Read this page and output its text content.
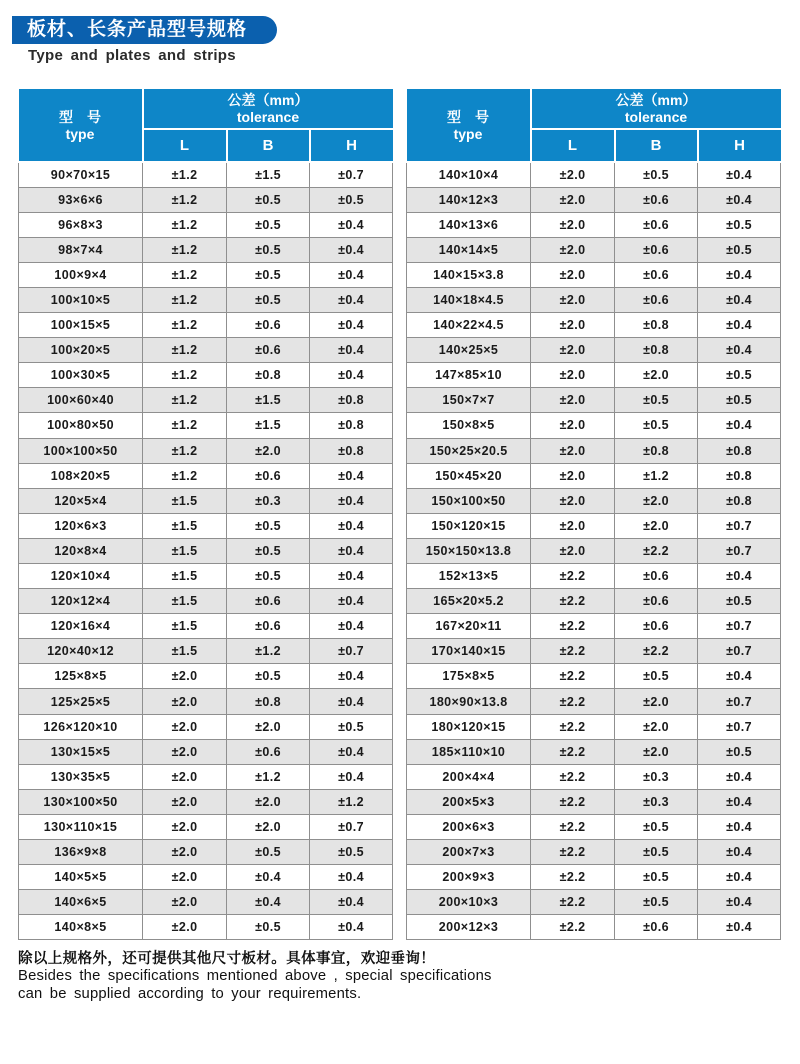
板材、长条产品型号规格
Type and plates and strips
型　号
type

公差（mm）
tolerance

	L	B	H
90×70×15	±1.2	±1.5	±0.7
93×6×6	±1.2	±0.5	±0.5
96×8×3	±1.2	±0.5	±0.4
98×7×4	±1.2	±0.5	±0.4
100×9×4	±1.2	±0.5	±0.4
100×10×5	±1.2	±0.5	±0.4
100×15×5	±1.2	±0.6	±0.4
100×20×5	±1.2	±0.6	±0.4
100×30×5	±1.2	±0.8	±0.4
100×60×40	±1.2	±1.5	±0.8
100×80×50	±1.2	±1.5	±0.8
100×100×50	±1.2	±2.0	±0.8
108×20×5	±1.2	±0.6	±0.4
120×5×4	±1.5	±0.3	±0.4
120×6×3	±1.5	±0.5	±0.4
120×8×4	±1.5	±0.5	±0.4
120×10×4	±1.5	±0.5	±0.4
120×12×4	±1.5	±0.6	±0.4
120×16×4	±1.5	±0.6	±0.4
120×40×12	±1.5	±1.2	±0.7
125×8×5	±2.0	±0.5	±0.4
125×25×5	±2.0	±0.8	±0.4
126×120×10	±2.0	±2.0	±0.5
130×15×5	±2.0	±0.6	±0.4
130×35×5	±2.0	±1.2	±0.4
130×100×50	±2.0	±2.0	±1.2
130×110×15	±2.0	±2.0	±0.7
136×9×8	±2.0	±0.5	±0.5
140×5×5	±2.0	±0.4	±0.4
140×6×5	±2.0	±0.4	±0.4
140×8×5	±2.0	±0.5	±0.4
型　号
type

公差（mm）
tolerance

	L	B	H
140×10×4	±2.0	±0.5	±0.4
140×12×3	±2.0	±0.6	±0.4
140×13×6	±2.0	±0.6	±0.5
140×14×5	±2.0	±0.6	±0.5
140×15×3.8	±2.0	±0.6	±0.4
140×18×4.5	±2.0	±0.6	±0.4
140×22×4.5	±2.0	±0.8	±0.4
140×25×5	±2.0	±0.8	±0.4
147×85×10	±2.0	±2.0	±0.5
150×7×7	±2.0	±0.5	±0.5
150×8×5	±2.0	±0.5	±0.4
150×25×20.5	±2.0	±0.8	±0.8
150×45×20	±2.0	±1.2	±0.8
150×100×50	±2.0	±2.0	±0.8
150×120×15	±2.0	±2.0	±0.7
150×150×13.8	±2.0	±2.2	±0.7
152×13×5	±2.2	±0.6	±0.4
165×20×5.2	±2.2	±0.6	±0.5
167×20×11	±2.2	±0.6	±0.7
170×140×15	±2.2	±2.2	±0.7
175×8×5	±2.2	±0.5	±0.4
180×90×13.8	±2.2	±2.0	±0.7
180×120×15	±2.2	±2.0	±0.7
185×110×10	±2.2	±2.0	±0.5
200×4×4	±2.2	±0.3	±0.4
200×5×3	±2.2	±0.3	±0.4
200×6×3	±2.2	±0.5	±0.4
200×7×3	±2.2	±0.5	±0.4
200×9×3	±2.2	±0.5	±0.4
200×10×3	±2.2	±0.5	±0.4
200×12×3	±2.2	±0.6	±0.4
除以上规格外，还可提供其他尺寸板材。具体事宜，欢迎垂询！
Besides the specifications mentioned above , special specifications
can be supplied according to your requirements.
